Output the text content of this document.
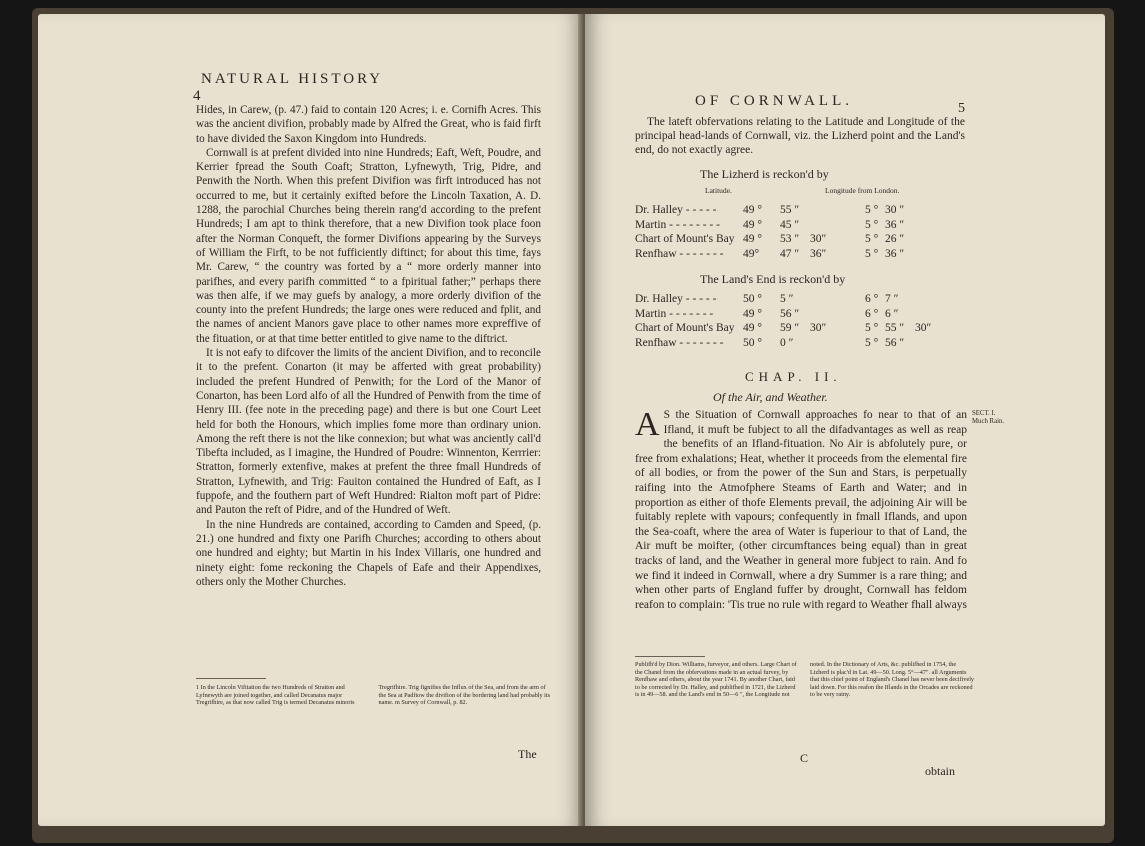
4
NATURAL HISTORY

Hides, in Carew, (p. 47.) faid to contain 120 Acres; i. e. Cornifh Acres. This was the ancient divifion, probably made by Alfred the Great, who is faid firft to have divided the Saxon Kingdom into Hundreds.

Cornwall is at prefent divided into nine Hundreds; Eaft, Weft, Poudre, and Kerrier fpread the South Coaft; Stratton, Lyfnewyth, Trig, Pidre, and Penwith the North. When this prefent Divifion was firft introduced has not occurred to me, but it certainly exifted before the Lincoln Taxation, A. D. 1288, the parochial Churches being therein rang'd according to the prefent Hundreds; I am apt to think therefore, that a new Divifion took place foon after the Norman Conqueft, the former Divifions appearing by the Surveys of William the Firft, to be not fufficiently diftinct; for about this time, fays Mr. Carew, “ the country was forted by a “ more orderly manner into parifhes, and every parifh committed “ to a fpiritual father;” perhaps there was then alfe, if we may guefs by analogy, a more orderly divifion of the county into the prefent Hundreds; the large ones were reduced and fplit, and the names of ancient Manors gave place to other names more expreffive of the fituation, or at that time better entitled to give name to the diftrict.

It is not eafy to difcover the limits of the ancient Divifion, and to reconcile it to the prefent. Conarton (it may be afferted with great probability) included the prefent Hundred of Penwith; for the Lord of the Manor of Conarton, has been Lord alfo of all the Hundred of Penwith from the time of Henry III. (fee note in the preceding page) and there is but one Court Leet held for both the Honours, which implies fome more than ordinary union. Among the reft there is not the like connexion; but what was anciently call'd Tibefta included, as I imagine, the Hundred of Poudre: Winnenton, Kerrrier: Stratton, formerly extenfive, makes at prefent the three fmall Hundreds of Stratton, Lyfnewith, and Trig: Fauiton contained the Hundred of Eaft, as I fuppofe, and the fouthern part of Weft Hundred: Rialton moft part of Pidre: and Pauton the reft of Pidre, and of the Hundred of Weft.

In the nine Hundreds are contained, according to Camden and Speed, (p. 21.) one hundred and fixty one Parifh Churches; according to others about one hundred and eighty; but Martin in his Index Villaris, one hundred and ninety eight: fome reckoning the Chapels of Eafe and their Appendixes, others only the Mother Churches.

1 In the Lincoln Vifitation the two Hundreds of Stratton and Lyfnewyth are joined together, and called Decanatus major Tregrifhire, as that now called Trig is termed Decanatus minoris Tregrifhire. Trig fignifies the Influx of the Sea, and from the arm of the Sea at Padftow the divifion of the bordering land had probably its name. m Survey of Cornwall, p. 82.
The
OF CORNWALL.	5
The lateft obfervations relating to the Latitude and Longitude of the principal head-lands of Cornwall, viz. the Lizherd point and the Land's end, do not exactly agree.
The Lizherd is reckon'd by
Latitude.	Longitude from London.
Dr. Halley - - - - - 49 ° 55 ″	5 ° 30 ″
Martin - - - - - - - - 49 ° 45 ″	5 ° 36 ″
Chart of Mount's Bay 49 ° 53 ″ 30″	5 ° 26 ″
Renfhaw - - - - - - - 49° 47 ″ 36″	5 ° 36 ″
The Land's End is reckon'd by
Dr. Halley - - - - - 50 ° 5 ″	6 ° 7 ″
Martin - - - - - - -	49 ° 56 ″	6 ° 6 ″
Chart of Mount's Bay 49 ° 59 ″ 30″	5 ° 55 ″ 30″
Renfhaw - - - - - - - 50 ° 0 ″	5 ° 56 ″
CHAP. II.
Of the Air, and Weather.
A S the Situation of Cornwall approaches fo near to that of an Ifland, it muft be fubject to all the difadvantages as well as reap the benefits of an Ifland-fituation. No Air is abfolutely pure, or free from exhalations; Heat, whether it proceeds from the elemental fire of all bodies, or from the power of the Sun and Stars, is perpetually raifing into the Atmofphere Steams of Earth and Water; and in proportion as either of thofe Elements prevail, the adjoining Air will be fuitably replete with vapours; confequently in fmall Iflands, and upon the Sea-coaft, where the area of Water is fuperiour to that of Land, the Air muft be moifter, (other circumftances being equal) than in great tracks of land, and the Weather in general more fubject to rain. And fo we find it indeed in Cornwall, where a dry Summer is a rare thing; and when other parts of England fuffer by drought, Cornwall has feldom reafon to complain: 'Tis true no rule with regard to Weather fhall always
SECT. I.
Much Rain.
Publifh'd by Dion. Williams, furveyor, and others. Large Chart of the Chanel from the obfervations made in an actual furvey, by Renfhaw and others, about the year 1741. By another Chart, faid to be corrected by Dr. Halley, and publifhed in 1721, the Lizherd is in 49—58. and the Land's end in 50—6 ″, the Longitude not noted. In the Dictionary of Arts, &c. publifhed in 1754, the Lizherd is plac'd in Lat. 49—50. Long. 5°—47″. all Arguments that this chief point of England's Chanel has never been decifively laid down. For this reafon the Iflands in the Orcades are reckoned to be very rainy.
C
obtain
